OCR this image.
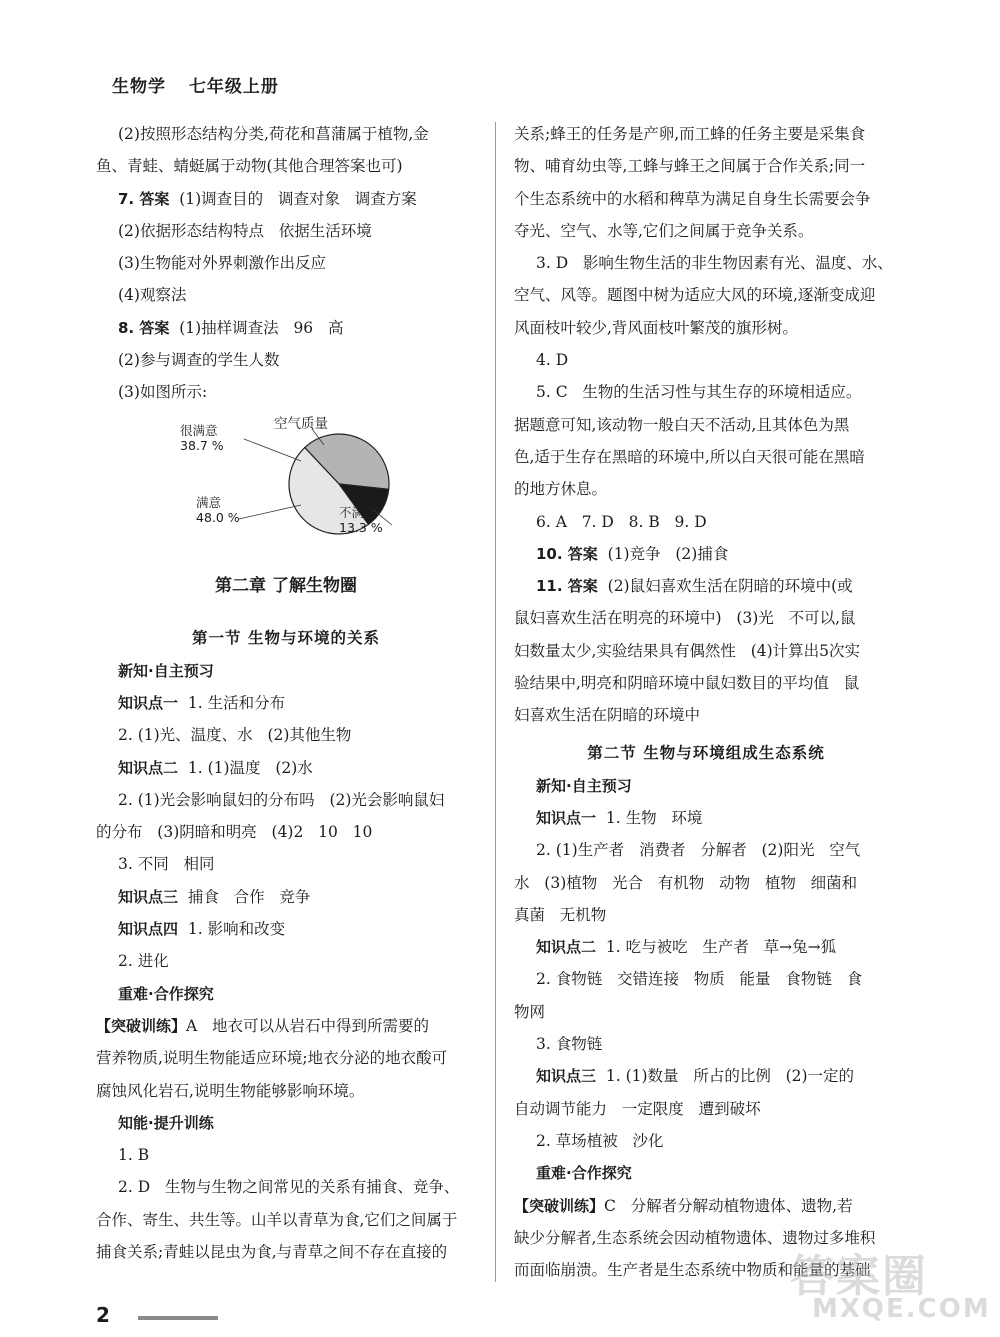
生物学 七年级上册
(2)按照形态结构分类,荷花和菖蒲属于植物,金
鱼、青蛙、蜻蜓属于动物(其他合理答案也可)
7. 答案  (1)调查目的   调查对象   调查方案
(2)依据形态结构特点   依据生活环境
(3)生物能对外界刺激作出反应
(4)观察法
8. 答案  (1)抽样调查法   96   高
(2)参与调查的学生人数
(3)如图所示:
空气质量
很满意
38.7 %
不满意
13.3 %
满意
48.0 %
第二章 了解生物圈
第一节 生物与环境的关系
新知·自主预习
知识点一  1. 生活和分布
2. (1)光、温度、水   (2)其他生物
知识点二  1. (1)温度   (2)水
2. (1)光会影响鼠妇的分布吗   (2)光会影响鼠妇
的分布   (3)阴暗和明亮   (4)2   10   10
3. 不同   相同
知识点三  捕食   合作   竞争
知识点四  1. 影响和改变
2. 进化
重难·合作探究
【突破训练】A   地衣可以从岩石中得到所需要的
营养物质,说明生物能适应环境;地衣分泌的地衣酸可
腐蚀风化岩石,说明生物能够影响环境。
知能·提升训练
1. B
2. D   生物与生物之间常见的关系有捕食、竞争、
合作、寄生、共生等。山羊以青草为食,它们之间属于
捕食关系;青蛙以昆虫为食,与青草之间不存在直接的
关系;蜂王的任务是产卵,而工蜂的任务主要是采集食
物、哺育幼虫等,工蜂与蜂王之间属于合作关系;同一
个生态系统中的水稻和稗草为满足自身生长需要会争
夺光、空气、水等,它们之间属于竞争关系。
3. D   影响生物生活的非生物因素有光、温度、水、
空气、风等。题图中树为适应大风的环境,逐渐变成迎
风面枝叶较少,背风面枝叶繁茂的旗形树。
4. D
5. C   生物的生活习性与其生存的环境相适应。
据题意可知,该动物一般白天不活动,且其体色为黑
色,适于生存在黑暗的环境中,所以白天很可能在黑暗
的地方休息。
6. A   7. D   8. B   9. D
10. 答案  (1)竞争   (2)捕食
11. 答案  (2)鼠妇喜欢生活在阴暗的环境中(或
鼠妇喜欢生活在明亮的环境中)   (3)光   不可以,鼠
妇数量太少,实验结果具有偶然性   (4)计算出5次实
验结果中,明亮和阴暗环境中鼠妇数目的平均值   鼠
妇喜欢生活在阴暗的环境中
第二节 生物与环境组成生态系统
新知·自主预习
知识点一  1. 生物   环境
2. (1)生产者   消费者   分解者   (2)阳光   空气
水   (3)植物   光合   有机物   动物   植物   细菌和
真菌   无机物
知识点二  1. 吃与被吃   生产者   草→兔→狐
2. 食物链   交错连接   物质   能量   食物链   食
物网
3. 食物链
知识点三  1. (1)数量   所占的比例   (2)一定的
自动调节能力   一定限度   遭到破坏
2. 草场植被   沙化
重难·合作探究
【突破训练】C   分解者分解动植物遗体、遗物,若
缺少分解者,生态系统会因动植物遗体、遗物过多堆积
而面临崩溃。生产者是生态系统中物质和能量的基础
2
答案圈
MXQE.COM
